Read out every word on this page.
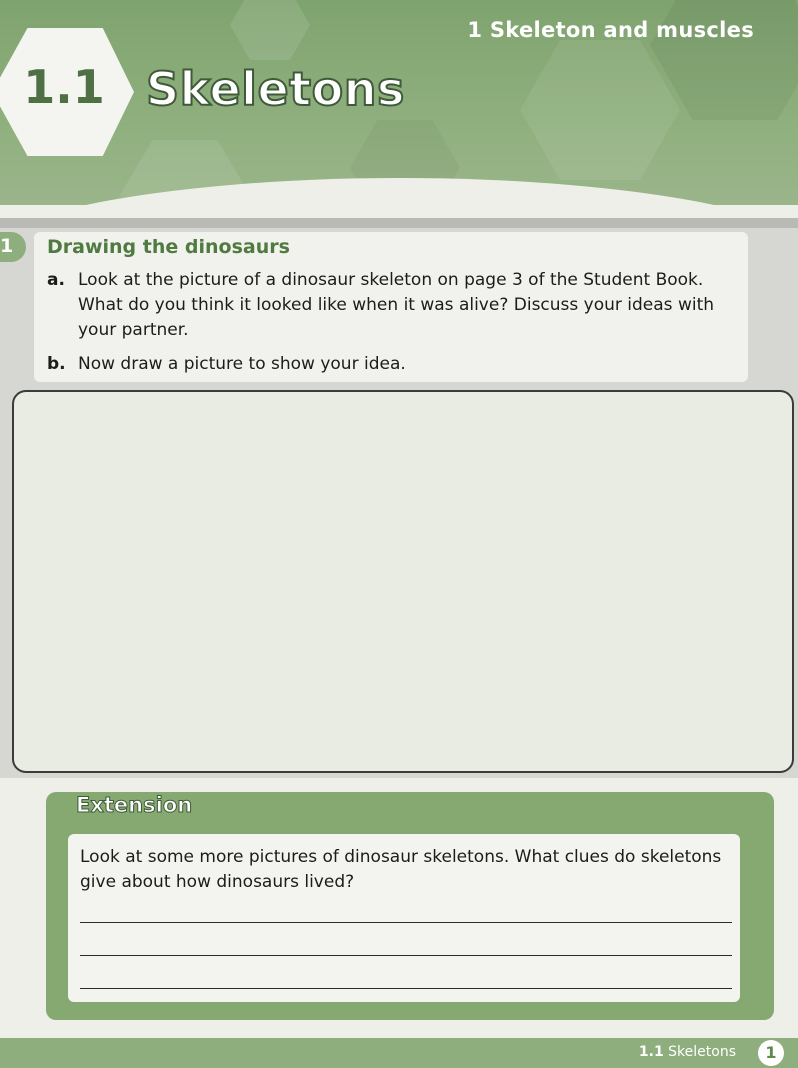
1 Skeleton and muscles
1.1 Skeletons
1	Drawing the dinosaurs
a. Look at the picture of a dinosaur skeleton on page 3 of the Student Book. What do you think it looked like when it was alive? Discuss your ideas with your partner.
b. Now draw a picture to show your idea.
Extension
Look at some more pictures of dinosaur skeletons. What clues do skeletons give about how dinosaurs lived?
1.1 Skeletons	1
